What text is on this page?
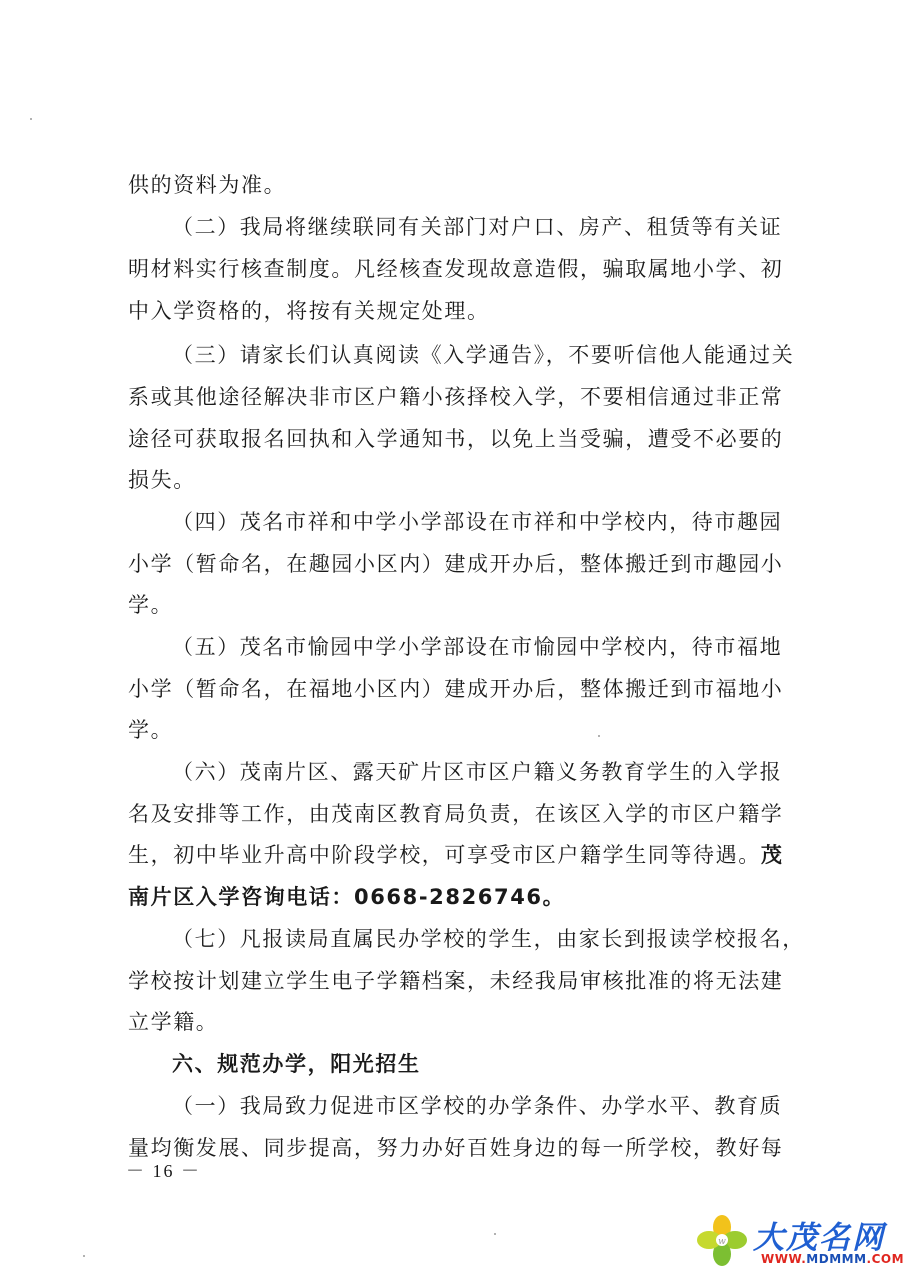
供的资料为准。
（二）我局将继续联同有关部门对户口、房产、租赁等有关证
明材料实行核查制度。凡经核查发现故意造假，骗取属地小学、初
中入学资格的，将按有关规定处理。
（三）请家长们认真阅读《入学通告》，不要听信他人能通过关
系或其他途径解决非市区户籍小孩择校入学，不要相信通过非正常
途径可获取报名回执和入学通知书，以免上当受骗，遭受不必要的
损失。
（四）茂名市祥和中学小学部设在市祥和中学校内，待市趣园
小学（暂命名，在趣园小区内）建成开办后，整体搬迁到市趣园小
学。
（五）茂名市愉园中学小学部设在市愉园中学校内，待市福地
小学（暂命名，在福地小区内）建成开办后，整体搬迁到市福地小
学。
（六）茂南片区、露天矿片区市区户籍义务教育学生的入学报
名及安排等工作，由茂南区教育局负责，在该区入学的市区户籍学
生，初中毕业升高中阶段学校，可享受市区户籍学生同等待遇。茂
南片区入学咨询电话：0668-2826746。
（七）凡报读局直属民办学校的学生，由家长到报读学校报名，
学校按计划建立学生电子学籍档案，未经我局审核批准的将无法建
立学籍。
六、规范办学，阳光招生
（一）我局致力促进市区学校的办学条件、办学水平、教育质
量均衡发展、同步提高，努力办好百姓身边的每一所学校，教好每
－ 16 －
w 大茂名网
WWW.MDMMM.COM
